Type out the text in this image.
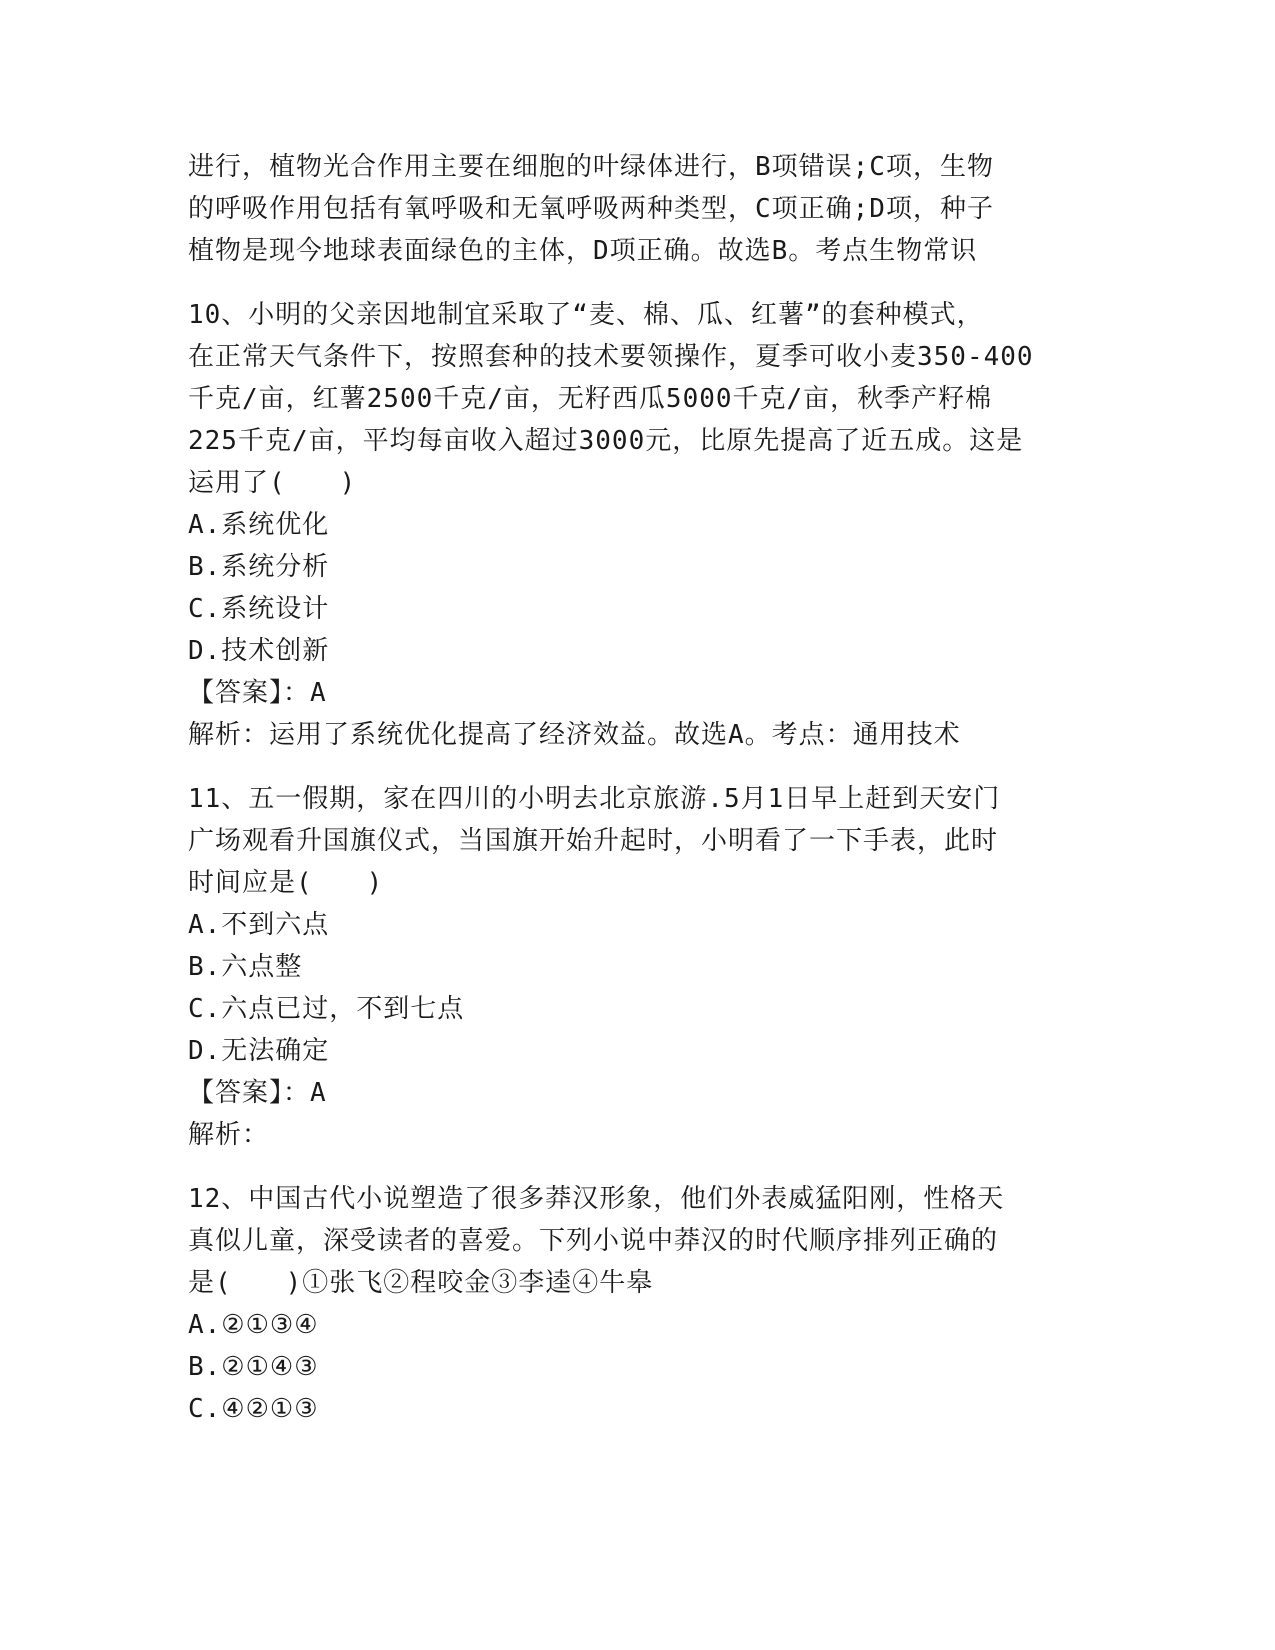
进行，植物光合作用主要在细胞的叶绿体进行，B项错误;C项，生物
的呼吸作用包括有氧呼吸和无氧呼吸两种类型，C项正确;D项，种子
植物是现今地球表面绿色的主体，D项正确。故选B。考点生物常识
10、小明的父亲因地制宜采取了“麦、棉、瓜、红薯”的套种模式，
在正常天气条件下，按照套种的技术要领操作，夏季可收小麦350-400
千克/亩，红薯2500千克/亩，无籽西瓜5000千克/亩，秋季产籽棉
225千克/亩，平均每亩收入超过3000元，比原先提高了近五成。这是
运用了(　　)
A.系统优化
B.系统分析
C.系统设计
D.技术创新
【答案】：A
解析：运用了系统优化提高了经济效益。故选A。考点：通用技术
11、五一假期，家在四川的小明去北京旅游.5月1日早上赶到天安门
广场观看升国旗仪式，当国旗开始升起时，小明看了一下手表，此时
时间应是(　　)
A.不到六点
B.六点整
C.六点已过，不到七点
D.无法确定
【答案】：A
解析：
12、中国古代小说塑造了很多莽汉形象，他们外表威猛阳刚，性格天
真似儿童，深受读者的喜爱。下列小说中莽汉的时代顺序排列正确的
是(　　)①张飞②程咬金③李逵④牛皋
A.②①③④
B.②①④③
C.④②①③
